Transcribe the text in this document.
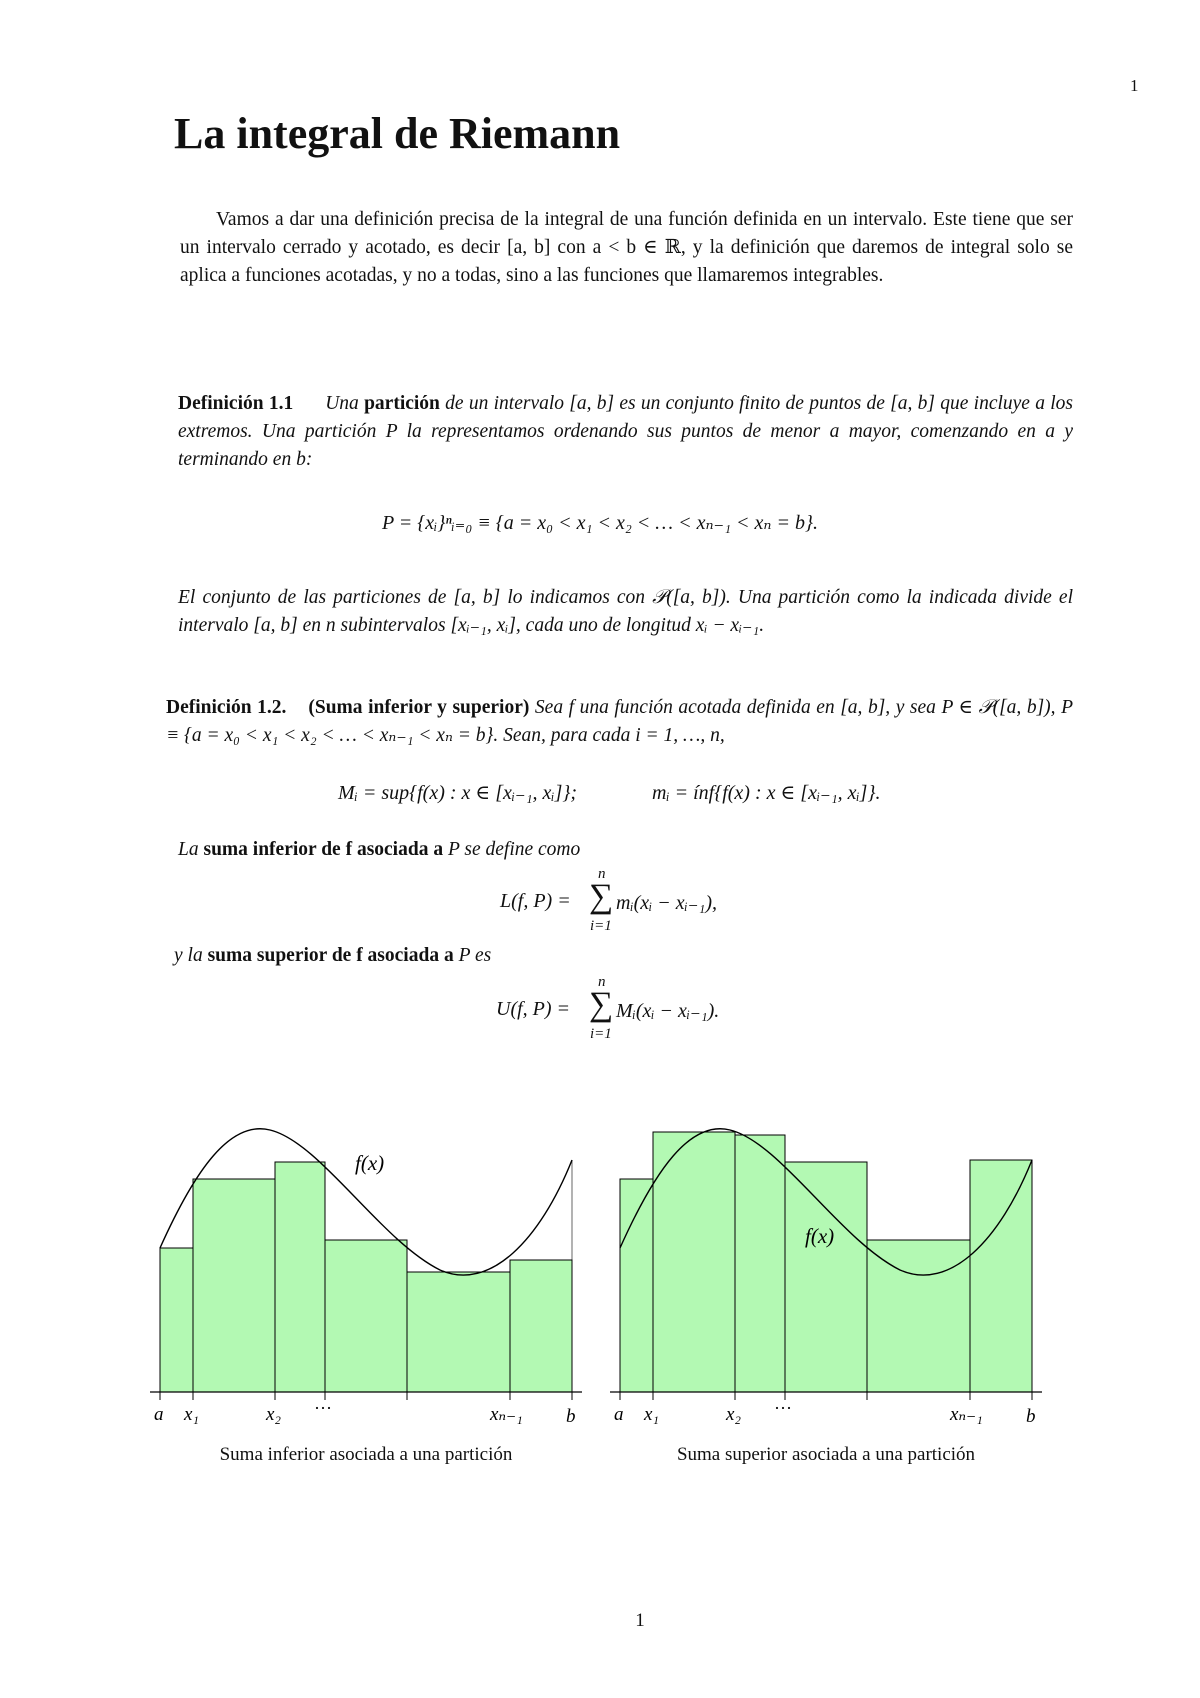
1
La integral de Riemann

Vamos a dar una definición precisa de la integral de una función definida en un intervalo. Este tiene que ser un intervalo cerrado y acotado, es decir [a, b] con a < b ∈ ℝ, y la definición que daremos de integral solo se aplica a funciones acotadas, y no a todas, sino a las funciones que llamaremos integrables.

Definición 1.1 Una partición de un intervalo [a, b] es un conjunto finito de puntos de [a, b] que incluye a los extremos. Una partición P la representamos ordenando sus puntos de menor a mayor, comenzando en a y terminando en b:
P = {xᵢ}ⁿᵢ₌₀ ≡ {a = x₀ < x₁ < x₂ < … < xₙ₋₁ < xₙ = b}.
El conjunto de las particiones de [a, b] lo indicamos con 𝒫([a, b]). Una partición como la indicada divide el intervalo [a, b] en n subintervalos [xᵢ₋₁, xᵢ], cada uno de longitud xᵢ − xᵢ₋₁.
Definición 1.2. (Suma inferior y superior) Sea f una función acotada definida en [a, b], y sea P ∈ 𝒫([a, b]), P ≡ {a = x₀ < x₁ < x₂ < … < xₙ₋₁ < xₙ = b}. Sean, para cada i = 1, …, n,
Mᵢ = sup{f(x) : x ∈ [xᵢ₋₁, xᵢ]};	mᵢ = ínf{f(x) : x ∈ [xᵢ₋₁, xᵢ]}.
La suma inferior de f asociada a P se define como
L(f, P) =
n
∑
i=1
mᵢ(xᵢ − xᵢ₋₁),
y la suma superior de f asociada a P es
U(f, P) =
n
∑
i=1
Mᵢ(xᵢ − xᵢ₋₁).
f(x)
a x₁	x₂ ···	xₙ₋₁ b
f(x)
a x₁	x₂ ···	xₙ₋₁ b
Suma inferior asociada a una partición	Suma superior asociada a una partición
1
